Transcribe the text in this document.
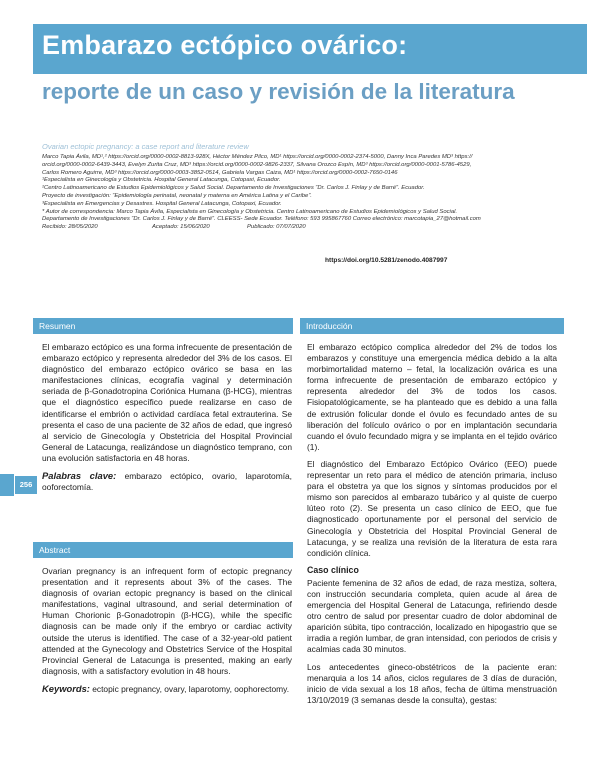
Embarazo ectópico ovárico:
reporte de un caso y revisión de la literatura
Ovarian ectopic pregnancy: a case report and literature review

Marco Tapia Ávila, MD¹,² https://orcid.org/0000-0002-8813-928X, Héctor Méndez Pilco, MD¹ https://orcid.org/0000-0002-2374-5000, Danny Inca Paredes MD³ https://

orcid.org/0000-0002-6439-3443, Evelyn Zurita Cruz, MD³ https://orcid.org/0000-0002-9826-2337, Silvana Orozco Espín, MD³ https://orcid.org/0000-0001-5786-4529,

Carlos Romero Aguirre, MD³ https://orcid.org/0000-0003-3852-0514, Gabriela Vargas Caiza, MD¹ https://orcid.org/0000-0002-7650-0146

¹Especialista en Ginecología y Obstetricia. Hospital General Latacunga, Cotopaxi, Ecuador.

²Centro Latinoamericano de Estudios Epidemiológicos y Salud Social. Departamento de Investigaciones “Dr. Carlos J. Finlay y de Barré”. Ecuador.

Proyecto de investigación: “Epidemiología perinatal, neonatal y materna en América Latina y el Caribe”.

³Especialista en Emergencias y Desastres. Hospital General Latacunga, Cotopaxi, Ecuador.

* Autor de correspondencia: Marco Tapia Ávila, Especialista en Ginecología y Obstetricia. Centro Latinoamericano de Estudios Epidemiológicos y Salud Social.

Departamento de Investigaciones “Dr. Carlos J. Finlay y de Barré”. CLEESS- Sede Ecuador. Teléfono: 593 995867760 Correo electrónico: marcotapia_27@hotmail.com

Recibido: 28/05/2020	Aceptado: 15/06/2020	Publicado: 07/07/2020

https://doi.org/10.5281/zenodo.4087997
Resumen

El embarazo ectópico es una forma infrecuente de presentación de embarazo ectópico y representa alrededor del 3% de los casos. El diagnóstico del embarazo ectópico ovárico se basa en las manifestaciones clínicas, ecografía vaginal y determinación seriada de β-Gonadotropina Coriónica Humana (β-HCG), mientras que el diagnóstico específico puede realizarse en caso de identificarse el embrión o actividad cardíaca fetal extrauterina. Se presenta el caso de una paciente de 32 años de edad, que ingresó al servicio de Ginecología y Obstetricia del Hospital Provincial General de Latacunga, realizándose un diagnóstico temprano, con una evolución satisfactoria en 48 horas.

Palabras clave: embarazo ectópico, ovario, laparotomía, ooforectomía.

256
Abstract

Ovarian pregnancy is an infrequent form of ectopic pregnancy presentation and it represents about 3% of the cases. The diagnosis of ovarian ectopic pregnancy is based on the clinical manifestations, vaginal ultrasound, and serial determination of Human Chorionic β-Gonadotropin (β-HCG), while the specific diagnosis can be made only if the embryo or cardiac activity outside the uterus is identified. The case of a 32-year-old patient attended at the Gynecology and Obstetrics Service of the Hospital Provincial General de Latacunga is presented, making an early diagnosis, with a satisfactory evolution in 48 hours.

Keywords: ectopic pregnancy, ovary, laparotomy, oophorectomy.

Introducción

El embarazo ectópico complica alrededor del 2% de todos los embarazos y constituye una emergencia médica debido a la alta morbimortalidad materno – fetal, la localización ovárica es una forma infrecuente de presentación de embarazo ectópico y representa alrededor del 3% de todos los casos. Fisiopatológicamente, se ha planteado que es debido a una falla de extrusión folicular donde el óvulo es fecundado antes de su liberación del folículo ovárico o por en implantación secundaria cuando el óvulo fecundado migra y se implanta en el tejido ovárico (1).

El diagnóstico del Embarazo Ectópico Ovárico (EEO) puede representar un reto para el médico de atención primaria, incluso para el obstetra ya que los signos y síntomas producidos por el mismo son parecidos al embarazo tubárico y al quiste de cuerpo lúteo roto (2). Se presenta un caso clínico de EEO, que fue diagnosticado oportunamente por el personal del servicio de Ginecología y Obstetricia del Hospital Provincial General de Latacunga, y se realiza una revisión de la literatura de esta rara condición clínica.

Caso clínico

Paciente femenina de 32 años de edad, de raza mestiza, soltera, con instrucción secundaria completa, quien acude al área de emergencia del Hospital General de Latacunga, refiriendo desde otro centro de salud por presentar cuadro de dolor abdominal de aparición súbita, tipo contracción, localizado en hipogastrio que se irradia a región lumbar, de gran intensidad, con periodos de crisis y acalmias cada 30 minutos.

Los antecedentes gineco-obstétricos de la paciente eran: menarquia a los 14 años, ciclos regulares de 3 días de duración, inicio de vida sexual a los 18 años, fecha de última menstruación 13/10/2019 (3 semanas desde la consulta), gestas:
